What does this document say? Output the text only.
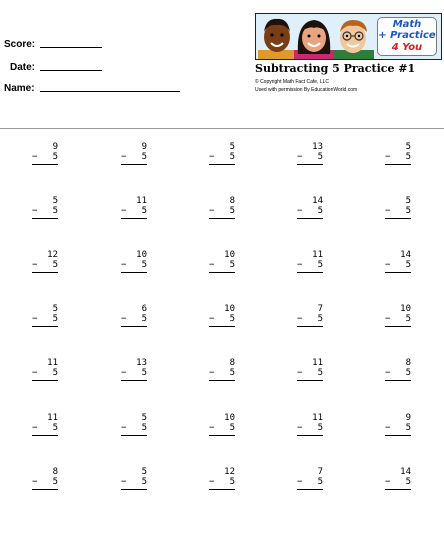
Score:
Date:
Name:
Math
+ Practice
4 You
Subtracting 5 Practice #1
© Copyright Math Fact Cafe, LLC
Used with permission By EducationWorld.com
9
− 5
9
− 5
5
− 5
13
− 5
5
− 5
5
− 5
11
− 5
8
− 5
14
− 5
5
− 5
12
− 5
10
− 5
10
− 5
11
− 5
14
− 5
5
− 5
6
− 5
10
− 5
7
− 5
10
− 5
11
− 5
13
− 5
8
− 5
11
− 5
8
− 5
11
− 5
5
− 5
10
− 5
11
− 5
9
− 5
8
− 5
5
− 5
12
− 5
7
− 5
14
− 5
